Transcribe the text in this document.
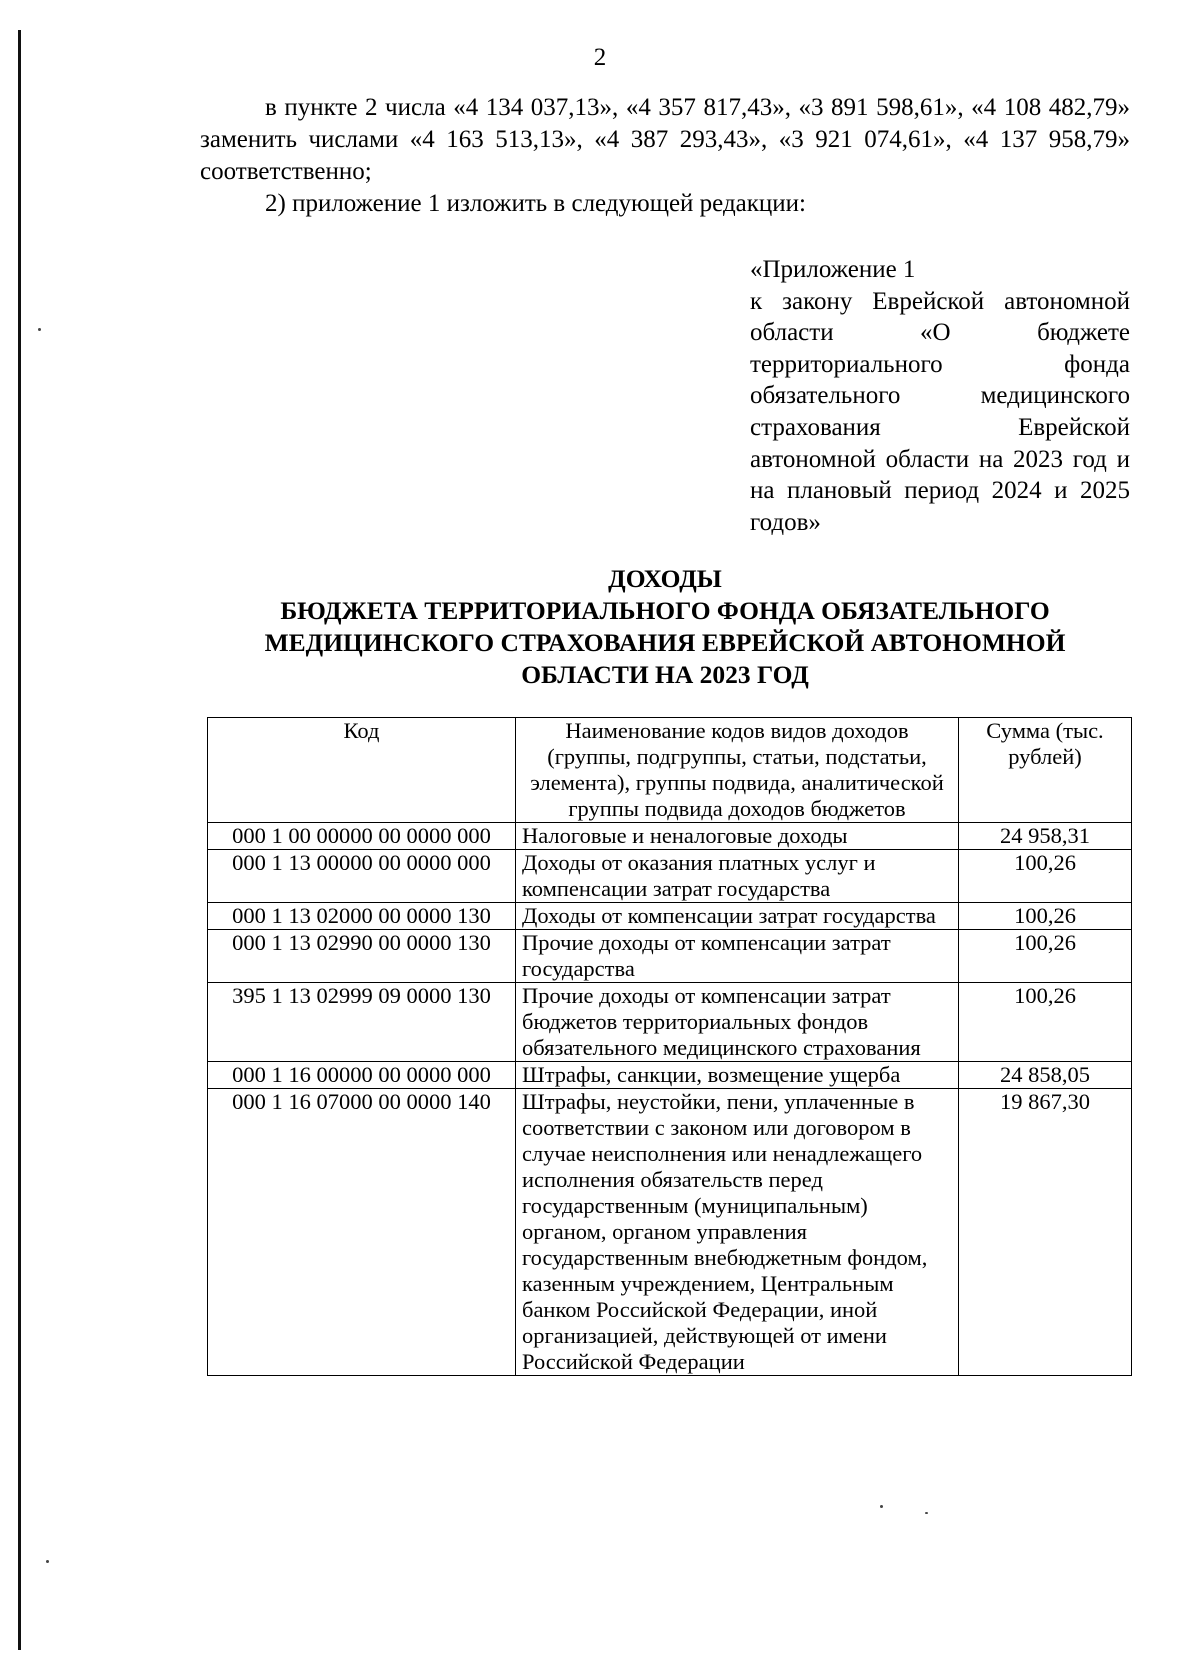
2

в пункте 2 числа «4 134 037,13», «4 357 817,43», «3 891 598,61», «4 108 482,79» заменить числами «4 163 513,13», «4 387 293,43», «3 921 074,61», «4 137 958,79» соответственно;

2) приложение 1 изложить в следующей редакции:

«Приложение 1
к закону Еврейской автономной области «О бюджете территориального фонда обязательного медицинского страхования Еврейской автономной области на 2023 год и на плановый период 2024 и 2025 годов»
ДОХОДЫ
БЮДЖЕТА ТЕРРИТОРИАЛЬНОГО ФОНДА ОБЯЗАТЕЛЬНОГО
МЕДИЦИНСКОГО СТРАХОВАНИЯ ЕВРЕЙСКОЙ АВТОНОМНОЙ
ОБЛАСТИ НА 2023 ГОД
Код	Наименование кодов видов доходов (группы, подгруппы, статьи, подстатьи, элемента), группы подвида, аналитической группы подвида доходов бюджетов	Сумма (тыс. рублей)
000 1 00 00000 00 0000 000	Налоговые и неналоговые доходы	24 958,31
000 1 13 00000 00 0000 000	Доходы от оказания платных услуг и компенсации затрат государства	100,26
000 1 13 02000 00 0000 130	Доходы от компенсации затрат государства	100,26
000 1 13 02990 00 0000 130	Прочие доходы от компенсации затрат государства	100,26
395 1 13 02999 09 0000 130	Прочие доходы от компенсации затрат бюджетов территориальных фондов обязательного медицинского страхования	100,26
000 1 16 00000 00 0000 000	Штрафы, санкции, возмещение ущерба	24 858,05
000 1 16 07000 00 0000 140	Штрафы, неустойки, пени, уплаченные в соответствии с законом или договором в случае неисполнения или ненадлежащего исполнения обязательств перед государственным (муниципальным) органом, органом управления государственным внебюджетным фондом, казенным учреждением, Центральным банком Российской Федерации, иной организацией, действующей от имени Российской Федерации	19 867,30
